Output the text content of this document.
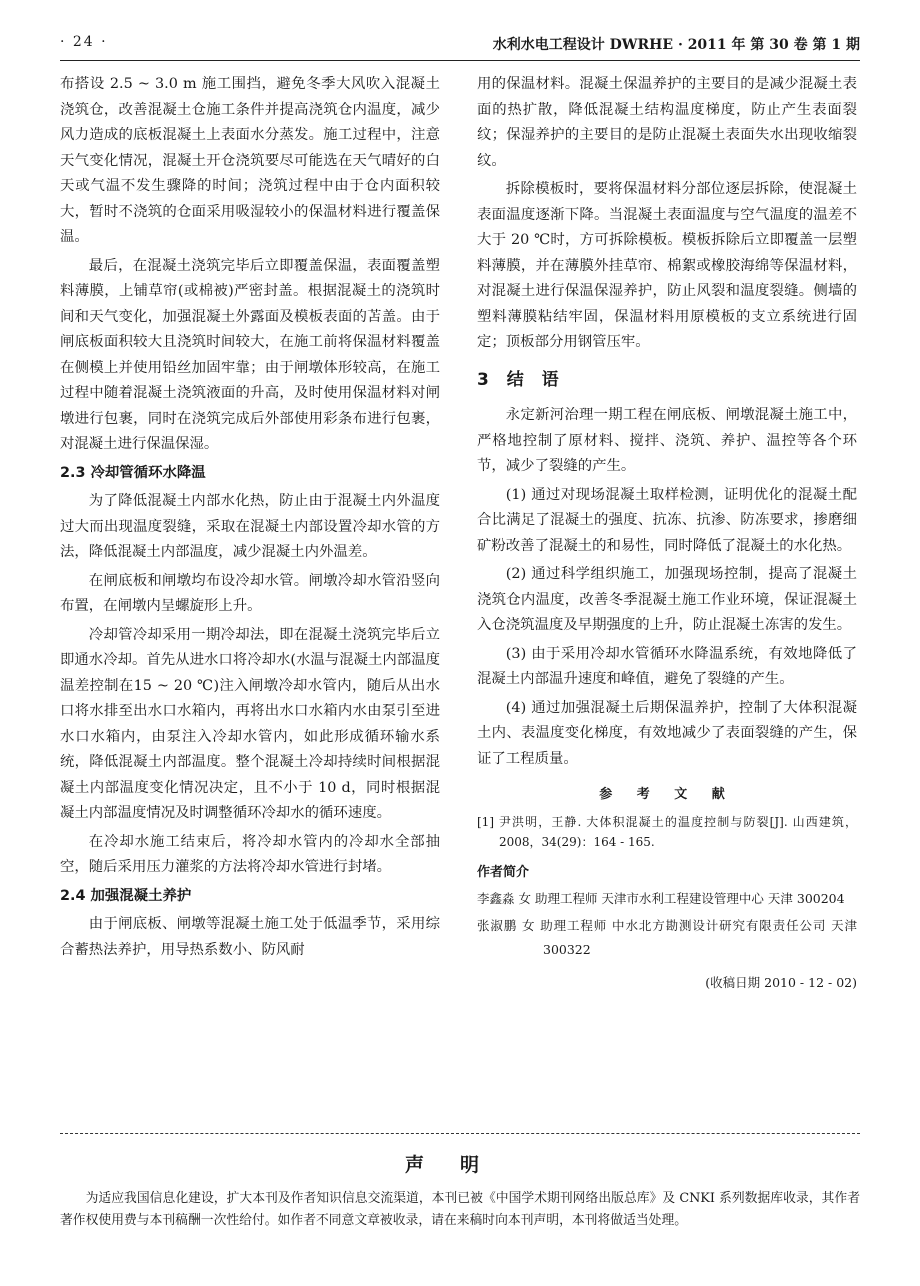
· 24 ·	水利水电工程设计 DWRHE · 2011 年 第 30 卷 第 1 期

布搭设 2.5 ~ 3.0 m 施工围挡，避免冬季大风吹入混凝土浇筑仓，改善混凝土仓施工条件并提高浇筑仓内温度，减少风力造成的底板混凝土上表面水分蒸发。施工过程中，注意天气变化情况，混凝土开仓浇筑要尽可能选在天气晴好的白天或气温不发生骤降的时间；浇筑过程中由于仓内面积较大，暂时不浇筑的仓面采用吸湿较小的保温材料进行覆盖保温。

最后，在混凝土浇筑完毕后立即覆盖保温，表面覆盖塑料薄膜，上铺草帘(或棉被)严密封盖。根据混凝土的浇筑时间和天气变化，加强混凝土外露面及模板表面的苫盖。由于闸底板面积较大且浇筑时间较大，在施工前将保温材料覆盖在侧模上并使用铅丝加固牢靠；由于闸墩体形较高，在施工过程中随着混凝土浇筑液面的升高，及时使用保温材料对闸墩进行包裹，同时在浇筑完成后外部使用彩条布进行包裹，对混凝土进行保温保湿。

2.3 冷却管循环水降温

为了降低混凝土内部水化热，防止由于混凝土内外温度过大而出现温度裂缝，采取在混凝土内部设置冷却水管的方法，降低混凝土内部温度，减少混凝土内外温差。

在闸底板和闸墩均布设冷却水管。闸墩冷却水管沿竖向布置，在闸墩内呈螺旋形上升。

冷却管冷却采用一期冷却法，即在混凝土浇筑完毕后立即通水冷却。首先从进水口将冷却水(水温与混凝土内部温度温差控制在15 ~ 20 ℃)注入闸墩冷却水管内，随后从出水口将水排至出水口水箱内，再将出水口水箱内水由泵引至进水口水箱内，由泵注入冷却水管内，如此形成循环输水系统，降低混凝土内部温度。整个混凝土冷却持续时间根据混凝土内部温度变化情况决定，且不小于 10 d，同时根据混凝土内部温度情况及时调整循环冷却水的循环速度。

在冷却水施工结束后，将冷却水管内的冷却水全部抽空，随后采用压力灌浆的方法将冷却水管进行封堵。

2.4 加强混凝土养护

由于闸底板、闸墩等混凝土施工处于低温季节，采用综合蓄热法养护，用导热系数小、防风耐

用的保温材料。混凝土保温养护的主要目的是减少混凝土表面的热扩散，降低混凝土结构温度梯度，防止产生表面裂纹；保湿养护的主要目的是防止混凝土表面失水出现收缩裂纹。

拆除模板时，要将保温材料分部位逐层拆除，使混凝土表面温度逐渐下降。当混凝土表面温度与空气温度的温差不大于 20 ℃时，方可拆除模板。模板拆除后立即覆盖一层塑料薄膜，并在薄膜外挂草帘、棉絮或橡胶海绵等保温材料，对混凝土进行保温保湿养护，防止风裂和温度裂缝。侧墙的塑料薄膜粘结牢固，保温材料用原模板的支立系统进行固定；顶板部分用钢管压牢。

3 结 语

永定新河治理一期工程在闸底板、闸墩混凝土施工中，严格地控制了原材料、搅拌、浇筑、养护、温控等各个环节，减少了裂缝的产生。

(1) 通过对现场混凝土取样检测，证明优化的混凝土配合比满足了混凝土的强度、抗冻、抗渗、防冻要求，掺磨细矿粉改善了混凝土的和易性，同时降低了混凝土的水化热。

(2) 通过科学组织施工，加强现场控制，提高了混凝土浇筑仓内温度，改善冬季混凝土施工作业环境，保证混凝土入仓浇筑温度及早期强度的上升，防止混凝土冻害的发生。

(3) 由于采用冷却水管循环水降温系统，有效地降低了混凝土内部温升速度和峰值，避免了裂缝的产生。

(4) 通过加强混凝土后期保温养护，控制了大体积混凝土内、表温度变化梯度，有效地减少了表面裂缝的产生，保证了工程质量。

参 考 文 献

[1] 尹洪明，王静. 大体积混凝土的温度控制与防裂[J]. 山西建筑，2008，34(29)：164 - 165.

作者简介

李鑫淼 女 助理工程师 天津市水利工程建设管理中心 天津 300204

张淑鹏 女 助理工程师 中水北方勘测设计研究有限责任公司 天津 300322

(收稿日期 2010 - 12 - 02)
声明
为适应我国信息化建设，扩大本刊及作者知识信息交流渠道，本刊已被《中国学术期刊网络出版总库》及 CNKI 系列数据库收录，其作者著作权使用费与本刊稿酬一次性给付。如作者不同意文章被收录，请在来稿时向本刊声明，本刊将做适当处理。
